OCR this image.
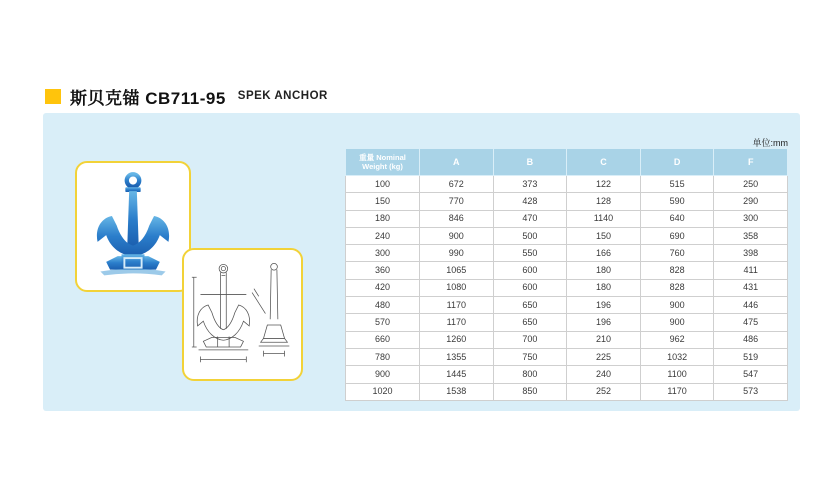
斯贝克锚 CB711-95 SPEK ANCHOR
单位:mm
重量 Nominal
Weight (kg)	A	B	C	D	F
100	672	373	122	515	250
150	770	428	128	590	290
180	846	470	1140	640	300
240	900	500	150	690	358
300	990	550	166	760	398
360	1065	600	180	828	411
420	1080	600	180	828	431
480	1170	650	196	900	446
570	1170	650	196	900	475
660	1260	700	210	962	486
780	1355	750	225	1032	519
900	1445	800	240	1100	547
1020	1538	850	252	1170	573
